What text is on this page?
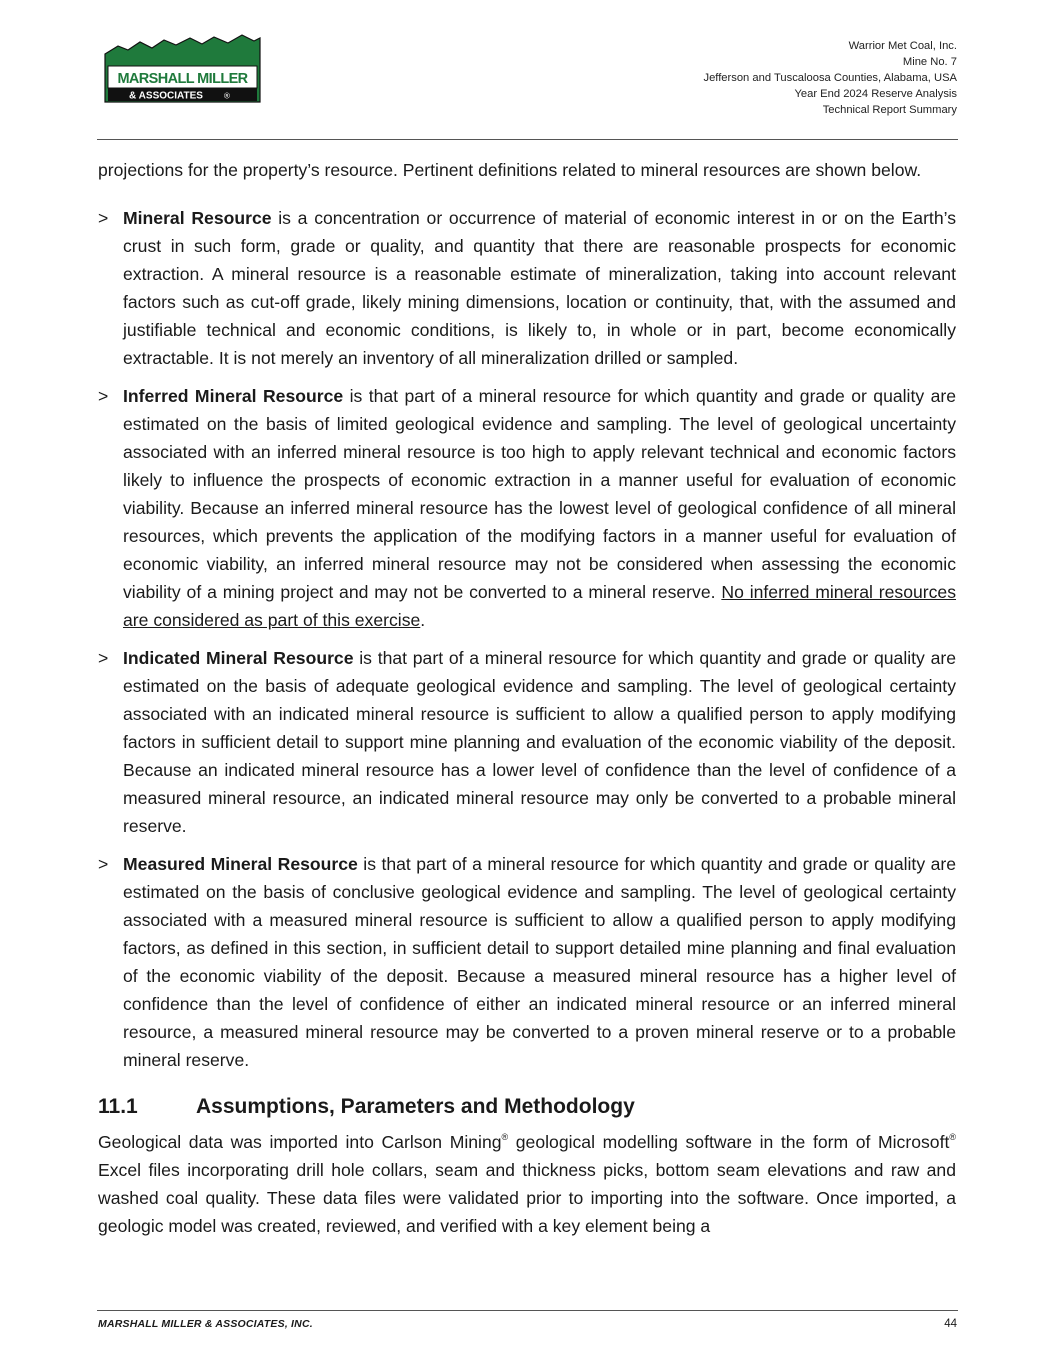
MARSHALL MILLER
& ASSOCIATES	®
Warrior Met Coal, Inc.
Mine No. 7
Jefferson and Tuscaloosa Counties, Alabama, USA
Year End 2024 Reserve Analysis
Technical Report Summary

projections for the property’s resource. Pertinent definitions related to mineral resources are shown below.

> Mineral Resource is a concentration or occurrence of material of economic interest in or on the Earth’s crust in such form, grade or quality, and quantity that there are reasonable prospects for economic extraction. A mineral resource is a reasonable estimate of mineralization, taking into account relevant factors such as cut-off grade, likely mining dimensions, location or continuity, that, with the assumed and justifiable technical and economic conditions, is likely to, in whole or in part, become economically extractable. It is not merely an inventory of all mineralization drilled or sampled.
> Inferred Mineral Resource is that part of a mineral resource for which quantity and grade or quality are estimated on the basis of limited geological evidence and sampling. The level of geological uncertainty associated with an inferred mineral resource is too high to apply relevant technical and economic factors likely to influence the prospects of economic extraction in a manner useful for evaluation of economic viability. Because an inferred mineral resource has the lowest level of geological confidence of all mineral resources, which prevents the application of the modifying factors in a manner useful for evaluation of economic viability, an inferred mineral resource may not be considered when assessing the economic viability of a mining project and may not be converted to a mineral reserve. No inferred mineral resources are considered as part of this exercise.
> Indicated Mineral Resource is that part of a mineral resource for which quantity and grade or quality are estimated on the basis of adequate geological evidence and sampling. The level of geological certainty associated with an indicated mineral resource is sufficient to allow a qualified person to apply modifying factors in sufficient detail to support mine planning and evaluation of the economic viability of the deposit. Because an indicated mineral resource has a lower level of confidence than the level of confidence of a measured mineral resource, an indicated mineral resource may only be converted to a probable mineral reserve.
> Measured Mineral Resource is that part of a mineral resource for which quantity and grade or quality are estimated on the basis of conclusive geological evidence and sampling. The level of geological certainty associated with a measured mineral resource is sufficient to allow a qualified person to apply modifying factors, as defined in this section, in sufficient detail to support detailed mine planning and final evaluation of the economic viability of the deposit. Because a measured mineral resource has a higher level of confidence than the level of confidence of either an indicated mineral resource or an inferred mineral resource, a measured mineral resource may be converted to a proven mineral reserve or to a probable mineral reserve.
11.1	Assumptions, Parameters and Methodology

Geological data was imported into Carlson Mining® geological modelling software in the form of Microsoft® Excel files incorporating drill hole collars, seam and thickness picks, bottom seam elevations and raw and washed coal quality. These data files were validated prior to importing into the software. Once imported, a geologic model was created, reviewed, and verified with a key element being a

MARSHALL MILLER & ASSOCIATES, INC.	44
